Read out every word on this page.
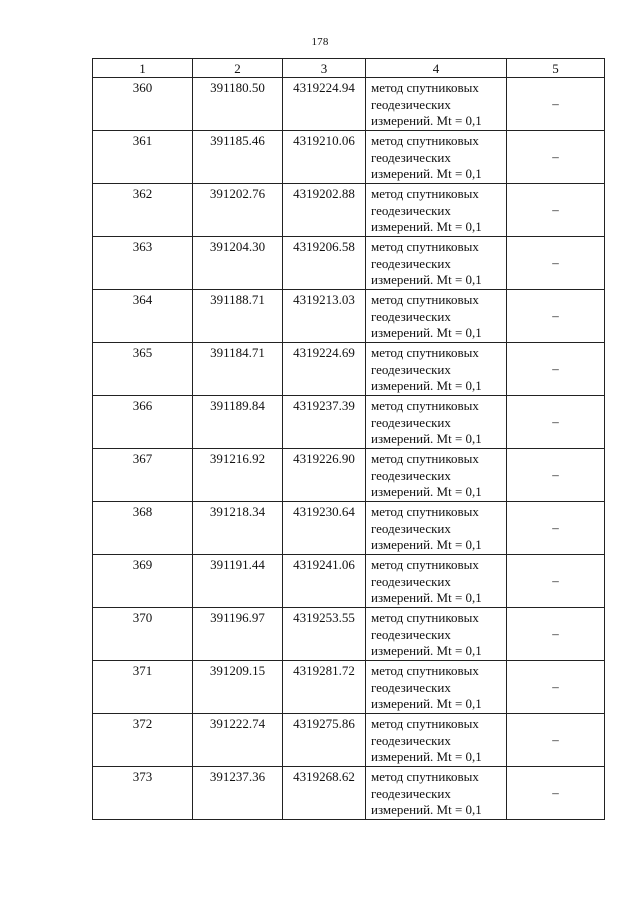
178
1	2	3	4	5
360	391180.50	4319224.94	метод спутниковых
геодезических
измерений. Mt = 0,1	–
361	391185.46	4319210.06	метод спутниковых
геодезических
измерений. Mt = 0,1	–
362	391202.76	4319202.88	метод спутниковых
геодезических
измерений. Mt = 0,1	–
363	391204.30	4319206.58	метод спутниковых
геодезических
измерений. Mt = 0,1	–
364	391188.71	4319213.03	метод спутниковых
геодезических
измерений. Mt = 0,1	–
365	391184.71	4319224.69	метод спутниковых
геодезических
измерений. Mt = 0,1	–
366	391189.84	4319237.39	метод спутниковых
геодезических
измерений. Mt = 0,1	–
367	391216.92	4319226.90	метод спутниковых
геодезических
измерений. Mt = 0,1	–
368	391218.34	4319230.64	метод спутниковых
геодезических
измерений. Mt = 0,1	–
369	391191.44	4319241.06	метод спутниковых
геодезических
измерений. Mt = 0,1	–
370	391196.97	4319253.55	метод спутниковых
геодезических
измерений. Mt = 0,1	–
371	391209.15	4319281.72	метод спутниковых
геодезических
измерений. Mt = 0,1	–
372	391222.74	4319275.86	метод спутниковых
геодезических
измерений. Mt = 0,1	–
373	391237.36	4319268.62	метод спутниковых
геодезических
измерений. Mt = 0,1	–
